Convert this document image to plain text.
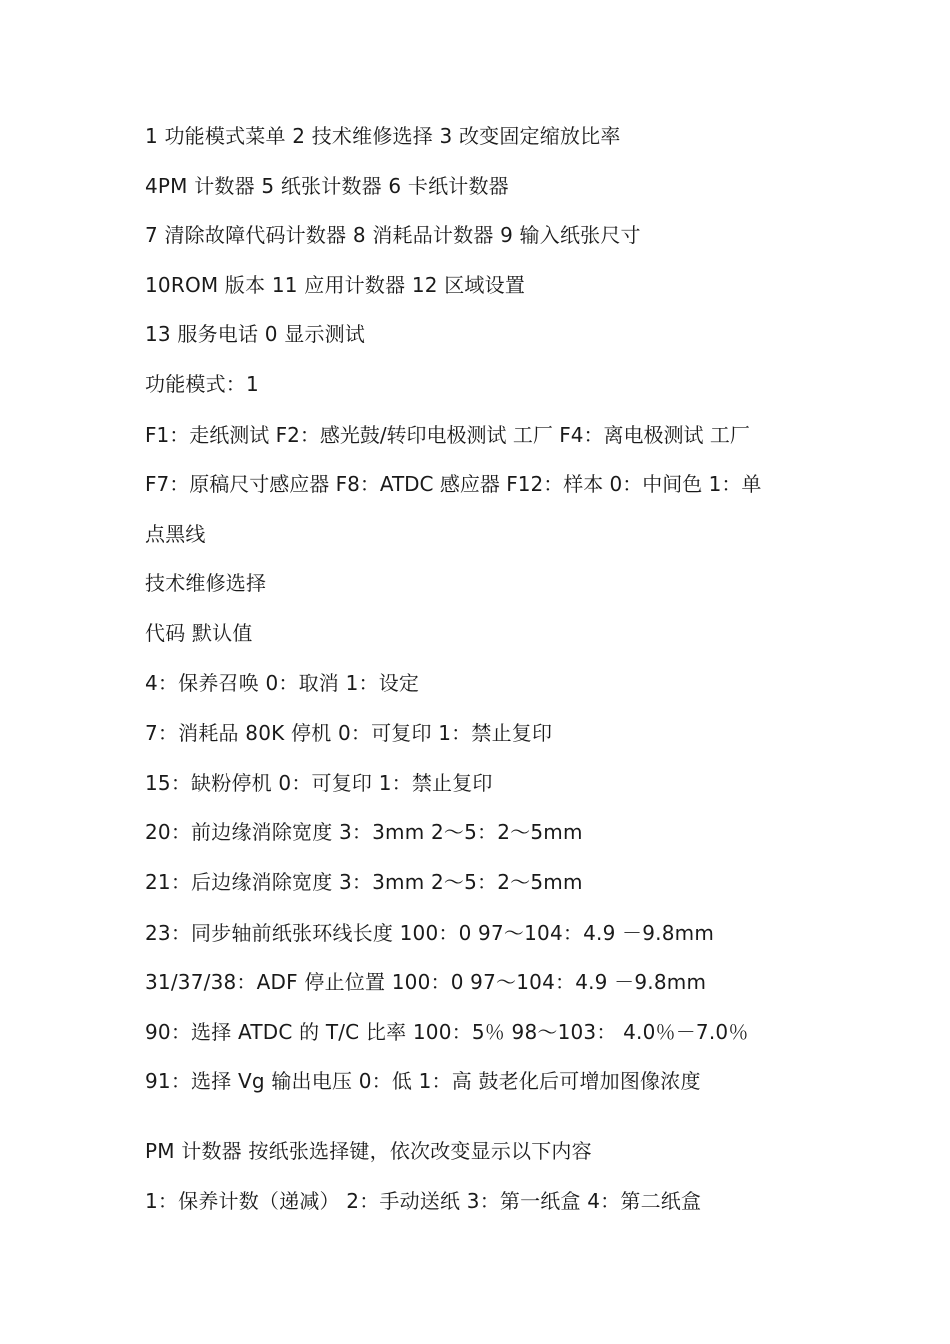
1 功能模式菜单 2 技术维修选择 3 改变固定缩放比率
4PM 计数器 5 纸张计数器 6 卡纸计数器
7 清除故障代码计数器 8 消耗品计数器 9 输入纸张尺寸
10ROM 版本 11 应用计数器 12 区域设置
13 服务电话 0 显示测试
功能模式：1
F1：走纸测试 F2：感光鼓/转印电极测试 工厂 F4：离电极测试 工厂
F7：原稿尺寸感应器 F8：ATDC 感应器 F12：样本 0：中间色 1：单
点黑线
技术维修选择
代码 默认值
4：保养召唤 0：取消 1：设定
7：消耗品 80K 停机 0：可复印 1：禁止复印
15：缺粉停机 0：可复印 1：禁止复印
20：前边缘消除宽度 3：3mm 2～5：2～5mm
21：后边缘消除宽度 3：3mm 2～5：2～5mm
23：同步轴前纸张环线长度 100：0 97～104：4.9 －9.8mm
31/37/38：ADF 停止位置 100：0 97～104：4.9 －9.8mm
90：选择 ATDC 的 T/C 比率 100：5％ 98～103： 4.0％－7.0％
91：选择 Vg 输出电压 0：低 1：高 鼓老化后可增加图像浓度
PM 计数器 按纸张选择键，依次改变显示以下内容
1：保养计数（递减） 2：手动送纸 3：第一纸盒 4：第二纸盒
